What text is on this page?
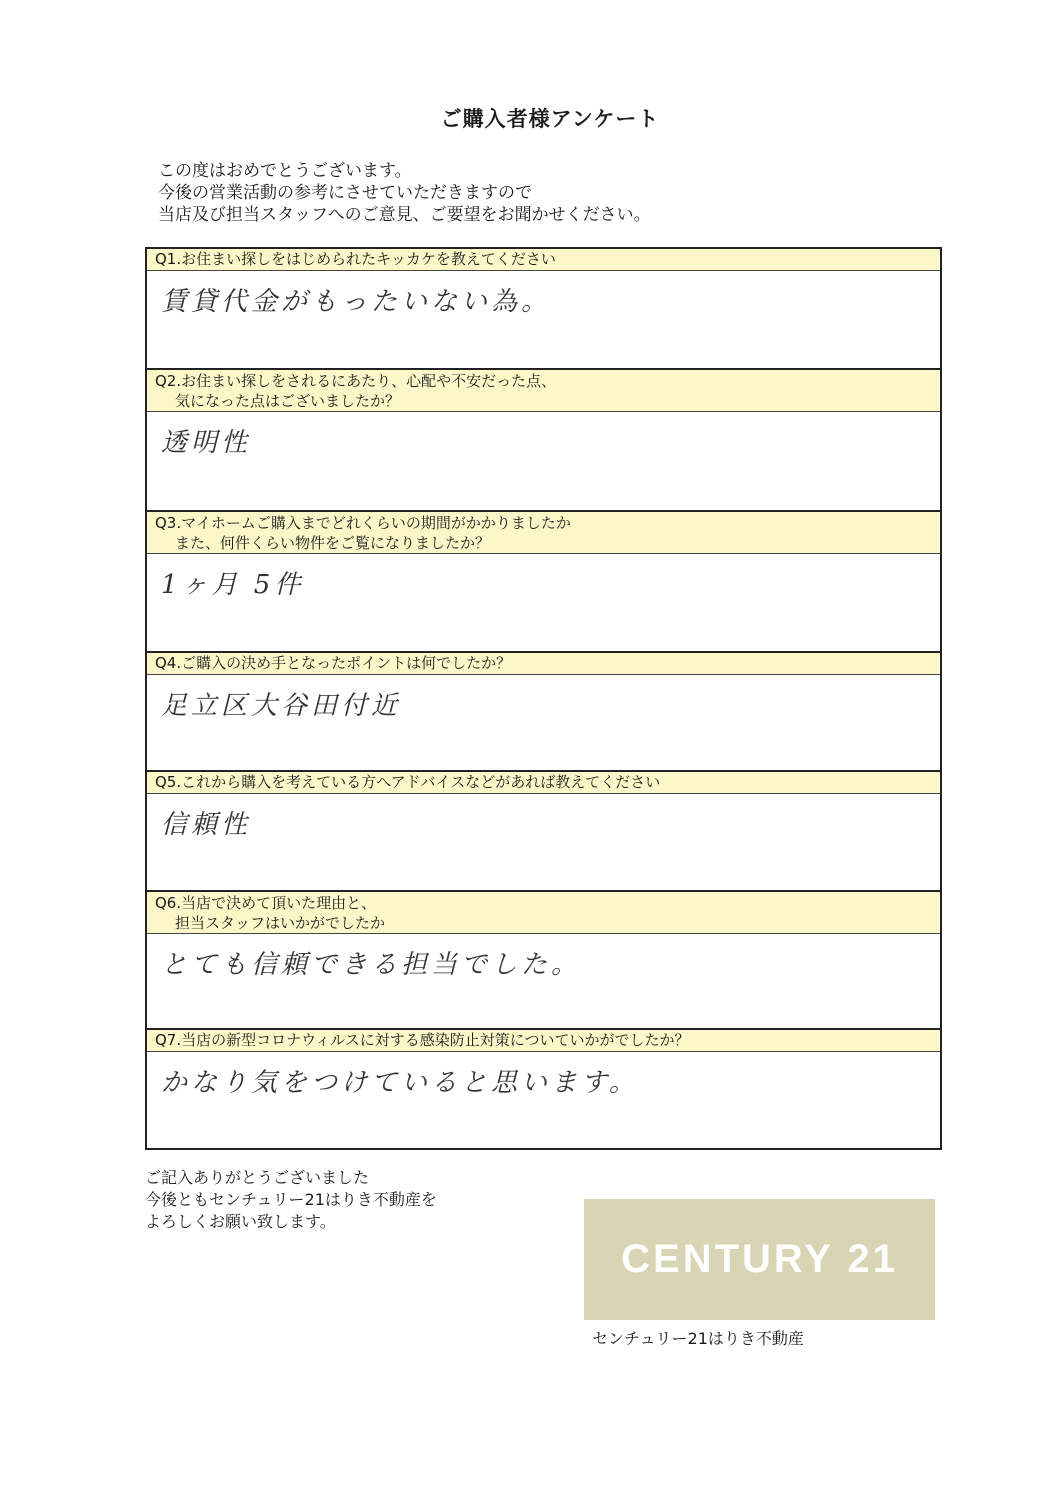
ご購入者様アンケート
この度はおめでとうございます。
今後の営業活動の参考にさせていただきますので
当店及び担当スタッフへのご意見、ご要望をお聞かせください。
Q1.お住まい探しをはじめられたキッカケを教えてください
賃貸代金がもったいない為。
Q2.お住まい探しをされるにあたり、心配や不安だった点、
気になった点はございましたか？
透明性
Q3.マイホームご購入までどれくらいの期間がかかりましたか
また、何件くらい物件をご覧になりましたか？
1ヶ月 5件
Q4.ご購入の決め手となったポイントは何でしたか？
足立区大谷田付近
Q5.これから購入を考えている方へアドバイスなどがあれば教えてください
信頼性
Q6.当店で決めて頂いた理由と、
担当スタッフはいかがでしたか
とても信頼できる担当でした。
Q7.当店の新型コロナウィルスに対する感染防止対策についていかがでしたか？
かなり気をつけていると思います。
ご記入ありがとうございました
今後ともセンチュリー21はりき不動産を
よろしくお願い致します。
CENTURY 21
センチュリー21はりき不動産
